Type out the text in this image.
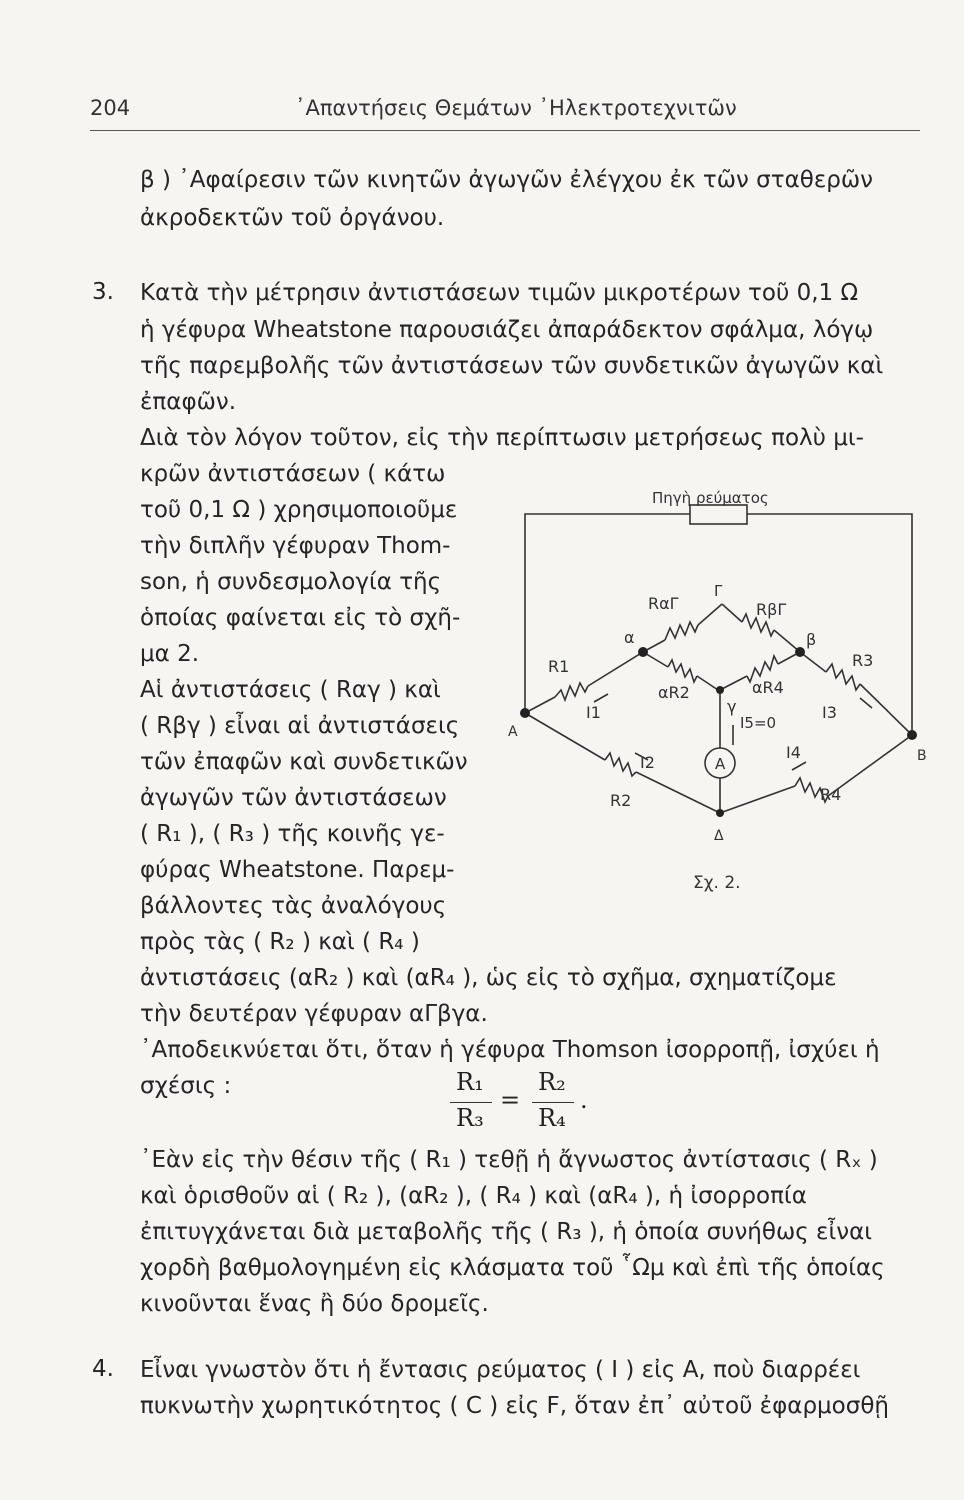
204	᾽Απαντήσεις Θεμάτων ᾽Ηλεκτροτεχνιτῶν
β ) ᾽Αφαίρεσιν τῶν κινητῶν ἀγωγῶν ἐλέγχου ἐκ τῶν σταθερῶν
ἀκροδεκτῶν τοῦ ὀργάνου.
3. Κατὰ τὴν μέτρησιν ἀντιστάσεων τιμῶν μικροτέρων τοῦ 0,1 Ω
ἡ γέφυρα Wheatstone παρουσιάζει ἀπαράδεκτον σφάλμα, λόγῳ
τῆς παρεμβολῆς τῶν ἀντιστάσεων τῶν συνδετικῶν ἀγωγῶν καὶ
ἐπαφῶν.
Διὰ τὸν λόγον τοῦτον, εἰς τὴν περίπτωσιν μετρήσεως πολὺ μι-
κρῶν ἀντιστάσεων ( κάτω
τοῦ 0,1 Ω ) χρησιμοποιοῦμε
τὴν διπλῆν γέφυραν Thom-
son, ἡ συνδεσμολογία τῆς
ὁποίας φαίνεται εἰς τὸ σχῆ-
μα 2.
Αἱ ἀντιστάσεις ( Rαγ ) καὶ
( Rβγ ) εἶναι αἱ ἀντιστάσεις
τῶν ἐπαφῶν καὶ συνδετικῶν
ἀγωγῶν τῶν ἀντιστάσεων
( R₁ ), ( R₃ ) τῆς κοινῆς γε-
φύρας Wheatstone. Παρεμ-
βάλλοντες τὰς ἀναλόγους
πρὸς τὰς ( R₂ ) καὶ ( R₄ )
ἀντιστάσεις (αR₂ ) καὶ (αR₄ ), ὡς εἰς τὸ σχῆμα, σχηματίζομε
τὴν δευτέραν γέφυραν αΓβγα.
᾽Αποδεικνύεται ὅτι, ὅταν ἡ γέφυρα Thomson ἰσορροπῇ, ἰσχύει ἡ
σχέσις :	R₁
R₃
=
R₂
R₄
.
᾽Εὰν εἰς τὴν θέσιν τῆς ( R₁ ) τεθῇ ἡ ἄγνωστος ἀντίστασις ( Rₓ )
καὶ ὁρισθοῦν αἱ ( R₂ ), (αR₂ ), ( R₄ ) καὶ (αR₄ ), ἡ ἰσορροπία
ἐπιτυγχάνεται διὰ μεταβολῆς τῆς ( R₃ ), ἡ ὁποία συνήθως εἶναι
χορδὴ βαθμολογημένη εἰς κλάσματα τοῦ ῟Ωμ καὶ ἐπὶ τῆς ὁποίας
κινοῦνται ἕνας ἢ δύο δρομεῖς.
4. Εἶναι γνωστὸν ὅτι ἡ ἔντασις ρεύματος ( I ) εἰς A, ποὺ διαρρέει
πυκνωτὴν χωρητικότητος ( C ) εἰς F, ὅταν ἐπ᾽ αὐτοῦ ἐφαρμοσθῇ
Πηγὴ ρεύματος
A
B
Δ
Γ
α	β
γ
R1
R2
R3
R4
RαΓ	RβΓ
αR2	αR4
I1
I2
I3
I4
I5=0
A
Σχ. 2.
